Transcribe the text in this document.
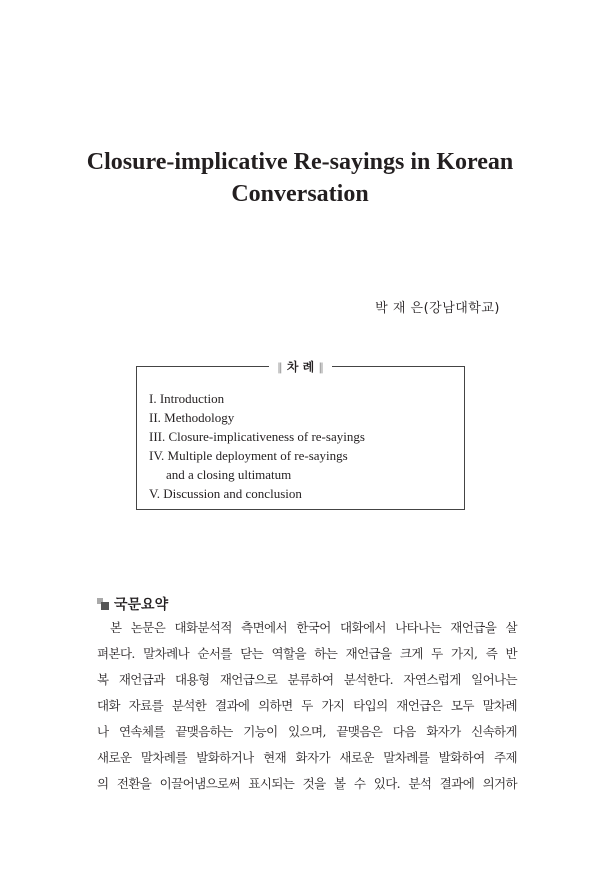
Closure-implicative Re-sayings in Korean
Conversation
박 재 은(강남대학교)
∥ 차 례 ∥
I. Introduction
II. Methodology
III. Closure-implicativeness of re-sayings
IV. Multiple deployment of re-sayings
and a closing ultimatum
V. Discussion and conclusion
국문요약

본 논문은 대화분석적 측면에서 한국어 대화에서 나타나는 재언급을 살
펴본다. 말차례나 순서를 닫는 역할을 하는 재언급을 크게 두 가지, 즉 반
복 재언급과 대용형 재언급으로 분류하여 분석한다. 자연스럽게 일어나는
대화 자료를 분석한 결과에 의하면 두 가지 타입의 재언급은 모두 말차례
나 연속체를 끝맺음하는 기능이 있으며, 끝맺음은 다음 화자가 신속하게
새로운 말차례를 발화하거나 현재 화자가 새로운 말차례를 발화하여 주제
의 전환을 이끌어냄으로써 표시되는 것을 볼 수 있다. 분석 결과에 의거하
